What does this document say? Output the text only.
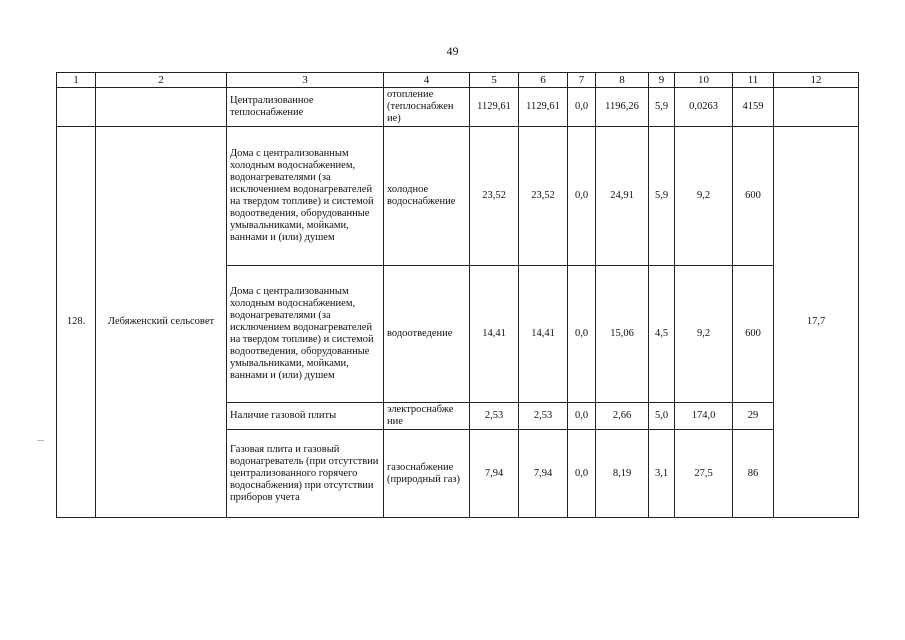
49
1	2	3	4	5	6	7	8	9	10	11	12
		Централизованное теплоснабжение	отопление (теплоснабжен ие)	1129,61	1129,61	0,0	1196,26	5,9	0,0263	4159	
128.	Лебяженский сельсовет	Дома с централизованным холодным водоснабжением, водонагревателями (за исключением водонагревателей на твердом топливе) и системой водоотведения, оборудованные умывальниками, мойками, ваннами и (или) душем	холодное водоснабжение	23,52	23,52	0,0	24,91	5,9	9,2	600	17,7
		Дома с централизованным холодным водоснабжением, водонагревателями (за исключением водонагревателей на твердом топливе) и системой водоотведения, оборудованные умывальниками, мойками, ваннами и (или) душем	водоотведение	14,41	14,41	0,0	15,06	4,5	9,2	600	
		Наличие газовой плиты	электроснабже ние	2,53	2,53	0,0	2,66	5,0	174,0	29	
		Газовая плита и газовый водонагреватель (при отсутствии централизованного горячего водоснабжения) при отсутствии приборов учета	газоснабжение (природный газ)	7,94	7,94	0,0	8,19	3,1	27,5	86	
